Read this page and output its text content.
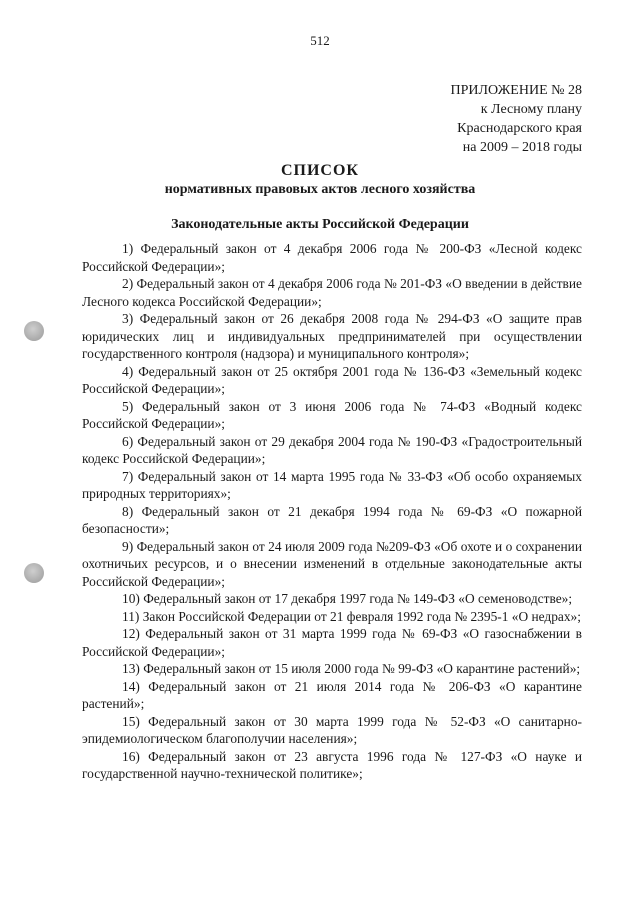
512
ПРИЛОЖЕНИЕ № 28
к Лесному плану
Краснодарского края
на 2009 – 2018 годы
СПИСОК
нормативных правовых актов лесного хозяйства
Законодательные акты Российской Федерации
1) Федеральный закон от 4 декабря 2006 года № 200-ФЗ «Лесной кодекс Российской Федерации»;
2) Федеральный закон от 4 декабря 2006 года № 201-ФЗ «О введении в действие Лесного кодекса Российской Федерации»;
3) Федеральный закон от 26 декабря 2008 года № 294-ФЗ «О защите прав юридических лиц и индивидуальных предпринимателей при осуществлении государственного контроля (надзора) и муниципального контроля»;
4) Федеральный закон от 25 октября 2001 года № 136-ФЗ «Земельный кодекс Российской Федерации»;
5) Федеральный закон от 3 июня 2006 года № 74-ФЗ «Водный кодекс Российской Федерации»;
6) Федеральный закон от 29 декабря 2004 года № 190-ФЗ «Градостроительный кодекс Российской Федерации»;
7) Федеральный закон от 14 марта 1995 года № 33-ФЗ «Об особо охраняемых природных территориях»;
8) Федеральный закон от 21 декабря 1994 года № 69-ФЗ «О пожарной безопасности»;
9) Федеральный закон от 24 июля 2009 года №209-ФЗ «Об охоте и о сохранении охотничьих ресурсов, и о внесении изменений в отдельные законодательные акты Российской Федерации»;
10) Федеральный закон от 17 декабря 1997 года № 149-ФЗ «О семеноводстве»;
11) Закон Российской Федерации от 21 февраля 1992 года № 2395-1 «О недрах»;
12) Федеральный закон от 31 марта 1999 года № 69-ФЗ «О газоснабжении в Российской Федерации»;
13) Федеральный закон от 15 июля 2000 года № 99-ФЗ «О карантине растений»;
14) Федеральный закон от 21 июля 2014 года № 206-ФЗ «О карантине растений»;
15) Федеральный закон от 30 марта 1999 года № 52-ФЗ «О санитарно-эпидемиологическом благополучии населения»;
16) Федеральный закон от 23 августа 1996 года № 127-ФЗ «О науке и государственной научно-технической политике»;
